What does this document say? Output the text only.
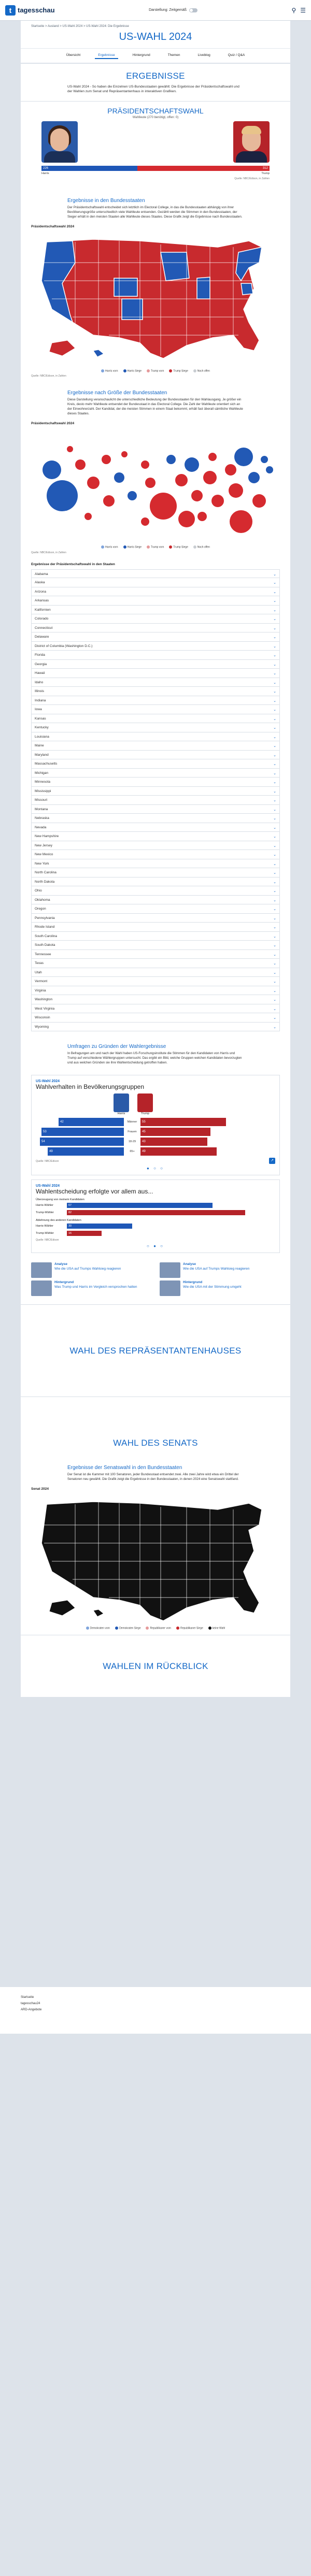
t tagesschau	Darstellung: Zeitgemäß	⚲ ☰
Startseite > Ausland > US-Wahl 2024 > US-Wahl 2024: Die Ergebnisse
US-WAHL 2024
Übersicht	Ergebnisse	Hintergrund	Themen	Liveblog	Quiz / Q&A
ERGEBNISSE

US-Wahl 2024 - So haben die Einzelnen US-Bundesstaaten gewählt: Die Ergebnisse der Präsidentschaftswahl und der Wahlen zum Senat und Repräsentantenhaus in interaktiven Grafiken.

PRÄSIDENTSCHAFTSWAHL
Wahlleute (270 benötigt, offen: 0)
226	312
Harris	Trump
Quelle: NBC/Edison, in Zahlen
Ergebnisse in den Bundesstaaten

Der Präsidentschaftswahl entscheidet sich letztlich im Electoral College, in das die Bundesstaaten abhängig von ihrer Bevölkerungsgröße unterschiedlich viele Wahlleute entsenden. Gezählt werden die Stimmen in den Bundesstaaten, der Sieger erhält in den meisten Staaten alle Wahlleute dieses Staates. Diese Grafik zeigt die Ergebnisse nach Bundesstaaten.

Präsidentschaftswahl 2024
Harris vorn	Harris Siege	Trump vorn	Trump Siege	Noch offen
Quelle: NBC/Edison, in Zahlen
Ergebnisse nach Größe der Bundesstaaten

Diese Darstellung veranschaulicht die unterschiedliche Bedeutung der Bundesstaaten für den Wahlausgang. Je größer ein Kreis, desto mehr Wahlleute entsendet der Bundesstaat in das Electoral College. Die Zahl der Wahlleute orientiert sich an der Einwohnerzahl. Der Kandidat, der die meisten Stimmen in einem Staat bekommt, erhält fast überall sämtliche Wahlleute dieses Staates.

Präsidentschaftswahl 2024
Harris vorn	Harris Siege	Trump vorn	Trump Siege	Noch offen
Quelle: NBC/Edison, in Zahlen
Ergebnisse der Präsidentschaftswahl in den Staaten
Alabama	⌄
Alaska	⌄
Arizona	⌄
Arkansas	⌄
Kalifornien	⌄
Colorado	⌄
Connecticut	⌄
Delaware	⌄
District of Columbia (Washington D.C.)	⌄
Florida	⌄
Georgia	⌄
Hawaii	⌄
Idaho	⌄
Illinois	⌄
Indiana	⌄
Iowa	⌄
Kansas	⌄
Kentucky	⌄
Louisiana	⌄
Maine	⌄
Maryland	⌄
Massachusetts	⌄
Michigan	⌄
Minnesota	⌄
Mississippi	⌄
Missouri	⌄
Montana	⌄
Nebraska	⌄
Nevada	⌄
New Hampshire	⌄
New Jersey	⌄
New Mexico	⌄
New York	⌄
North Carolina	⌄
North Dakota	⌄
Ohio	⌄
Oklahoma	⌄
Oregon	⌄
Pennsylvania	⌄
Rhode Island	⌄
South Carolina	⌄
South Dakota	⌄
Tennessee	⌄
Texas	⌄
Utah	⌄
Vermont	⌄
Virginia	⌄
Washington	⌄
West Virginia	⌄
Wisconsin	⌄
Wyoming	⌄
Umfragen zu Gründen der Wahlergebnisse

In Befragungen am und nach der Wahl haben US-Forschungsinstitute die Stimmen für den Kandidaten von Harris und Trump auf verschiedene Wählergruppen untersucht. Das ergibt ein Bild, welche Gruppen welchen Kandidaten bevorzugten und aus welchen Gründen sie ihre Wahlentscheidung getroffen haben.

US-Wahl 2024
Wahlverhalten in Bevölkerungsgruppen
Harris	Trump
42	Männer	55
53	Frauen	45
54	18-29	43
49	65+	49
Quelle: NBC/Edison	↗
● ○ ○
US-Wahl 2024
Wahlentscheidung erfolgte vor allem aus...
Überzeugung von meinem Kandidaten
Harris-Wähler	67
Trump-Wähler	82
Ablehnung des anderen Kandidaten
Harris-Wähler	30
Trump-Wähler	16
Quelle: NBC/Edison
○ ● ○
Analyse
Wie die USA auf Trumps Wahlsieg reagieren
Hintergrund
Was Trump und Harris im Vergleich versprochen hatten
Analyse
Wie die USA auf Trumps Wahlsieg reagieren
Hintergrund
Wie die USA mit der Stimmung umgeht
WAHL DES REPRÄSENTANTENHAUSES
WAHL DES SENATS
Ergebnisse der Senatswahl in den Bundesstaaten

Der Senat ist die Kammer mit 100 Senatoren, jeder Bundesstaat entsendet zwei. Alle zwei Jahre wird etwa ein Drittel der Senatoren neu gewählt. Die Grafik zeigt die Ergebnisse in den Bundesstaaten, in denen 2024 eine Senatswahl stattfand.

Senat 2024
Demokraten vorn	Demokraten Siege	Republikaner vorn	Republikaner Siege	keine Wahl
WAHLEN IM RÜCKBLICK
Startseite
tagesschau24
ARD-Angebote
